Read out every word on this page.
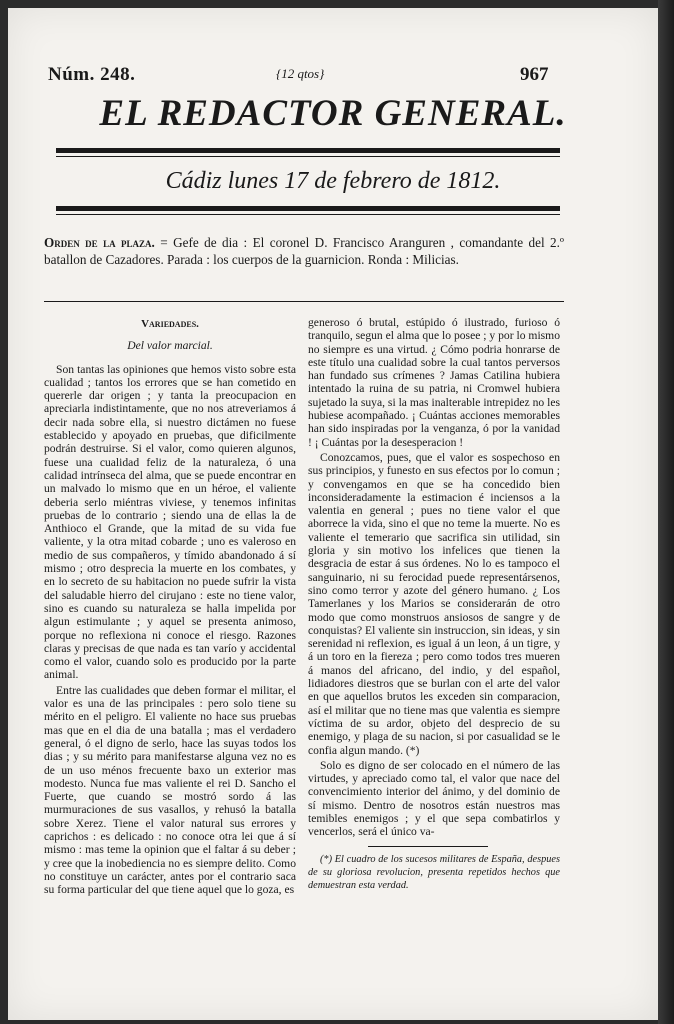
Núm. 248.	{12 qtos}	967
EL REDACTOR GENERAL.
Cádiz lunes 17 de febrero de 1812.
Orden de la plaza. = Gefe de dia : El coronel D. Francisco Aranguren , comandante del 2.º batallon de Cazadores. Parada : los cuerpos de la guarnicion. Ronda : Milicias.
Variedades.
Del valor marcial.

Son tantas las opiniones que hemos visto sobre esta cualidad ; tantos los errores que se han cometido en quererle dar origen ; y tanta la preocupacion en apreciarla indistintamente, que no nos atreveriamos á decir nada sobre ella, si nuestro dictámen no fuese establecido y apoyado en pruebas, que dificilmente podrán destruirse. Si el valor, como quieren algunos, fuese una cualidad feliz de la naturaleza, ó una calidad intrínseca del alma, que se puede encontrar en un malvado lo mismo que en un héroe, el valiente deberia serlo miéntras viviese, y tenemos infinitas pruebas de lo contrario ; siendo una de ellas la de Anthioco el Grande, que la mitad de su vida fue valiente, y la otra mitad cobarde ; uno es valeroso en medio de sus compañeros, y tímido abandonado á sí mismo ; otro desprecia la muerte en los combates, y en lo secreto de su habitacion no puede sufrir la vista del saludable hierro del cirujano : este no tiene valor, sino es cuando su naturaleza se halla impelida por algun estimulante ; y aquel se presenta animoso, porque no reflexiona ni conoce el riesgo. Razones claras y precisas de que nada es tan varío y accidental como el valor, cuando solo es producido por la parte animal.

Entre las cualidades que deben formar el militar, el valor es una de las principales : pero solo tiene su mérito en el peligro. El valiente no hace sus pruebas mas que en el dia de una batalla ; mas el verdadero general, ó el digno de serlo, hace las suyas todos los dias ; y su mérito para manifestarse alguna vez no es de un uso ménos frecuente baxo un exterior mas modesto. Nunca fue mas valiente el rei D. Sancho el Fuerte, que cuando se mostró sordo á las murmuraciones de sus vasallos, y rehusó la batalla sobre Xerez. Tiene el valor natural sus errores y caprichos : es delicado : no conoce otra lei que á sí mismo : mas teme la opinion que el faltar á su deber ; y cree que la inobediencia no es siempre delito. Como no constituye un carácter, antes por el contrario saca su forma particular del que tiene aquel que lo goza, es

generoso ó brutal, estúpido ó ilustrado, furioso ó tranquilo, segun el alma que lo posee ; y por lo mismo no siempre es una virtud. ¿ Cómo podria honrarse de este título una cualidad sobre la cual tantos perversos han fundado sus crímenes ? Jamas Catilina hubiera intentado la ruina de su patria, ni Cromwel hubiera sujetado la suya, si la mas inalterable intrepidez no les hubiese acompañado. ¡ Cuántas acciones memorables han sido inspiradas por la venganza, ó por la vanidad ! ¡ Cuántas por la desesperacion !

Conozcamos, pues, que el valor es sospechoso en sus principios, y funesto en sus efectos por lo comun ; y convengamos en que se ha concedido bien inconsideradamente la estimacion é inciensos a la valentia en general ; pues no tiene valor el que aborrece la vida, sino el que no teme la muerte. No es valiente el temerario que sacrifica sin utilidad, sin gloria y sin motivo los infelices que tienen la desgracia de estar á sus órdenes. No lo es tampoco el sanguinario, ni su ferocidad puede representársenos, sino como terror y azote del género humano. ¿ Los Tamerlanes y los Marios se considerarán de otro modo que como monstruos ansiosos de sangre y de conquistas? El valiente sin instruccion, sin ideas, y sin serenidad ni reflexion, es igual á un leon, á un tigre, y á un toro en la fiereza ; pero como todos tres mueren á manos del africano, del indio, y del español, lidiadores diestros que se burlan con el arte del valor en que aquellos brutos les exceden sin comparacion, así el militar que no tiene mas que valentia es siempre víctima de su ardor, objeto del desprecio de su enemigo, y plaga de su nacion, si por casualidad se le confia algun mando. (*)

Solo es digno de ser colocado en el número de las virtudes, y apreciado como tal, el valor que nace del convencimiento interior del ánimo, y del dominio de sí mismo. Dentro de nosotros están nuestros mas temibles enemigos ; y el que sepa combatirlos y vencerlos, será el único va-

(*) El cuadro de los sucesos militares de España, despues de su gloriosa revolucion, presenta repetidos hechos que demuestran esta verdad.
